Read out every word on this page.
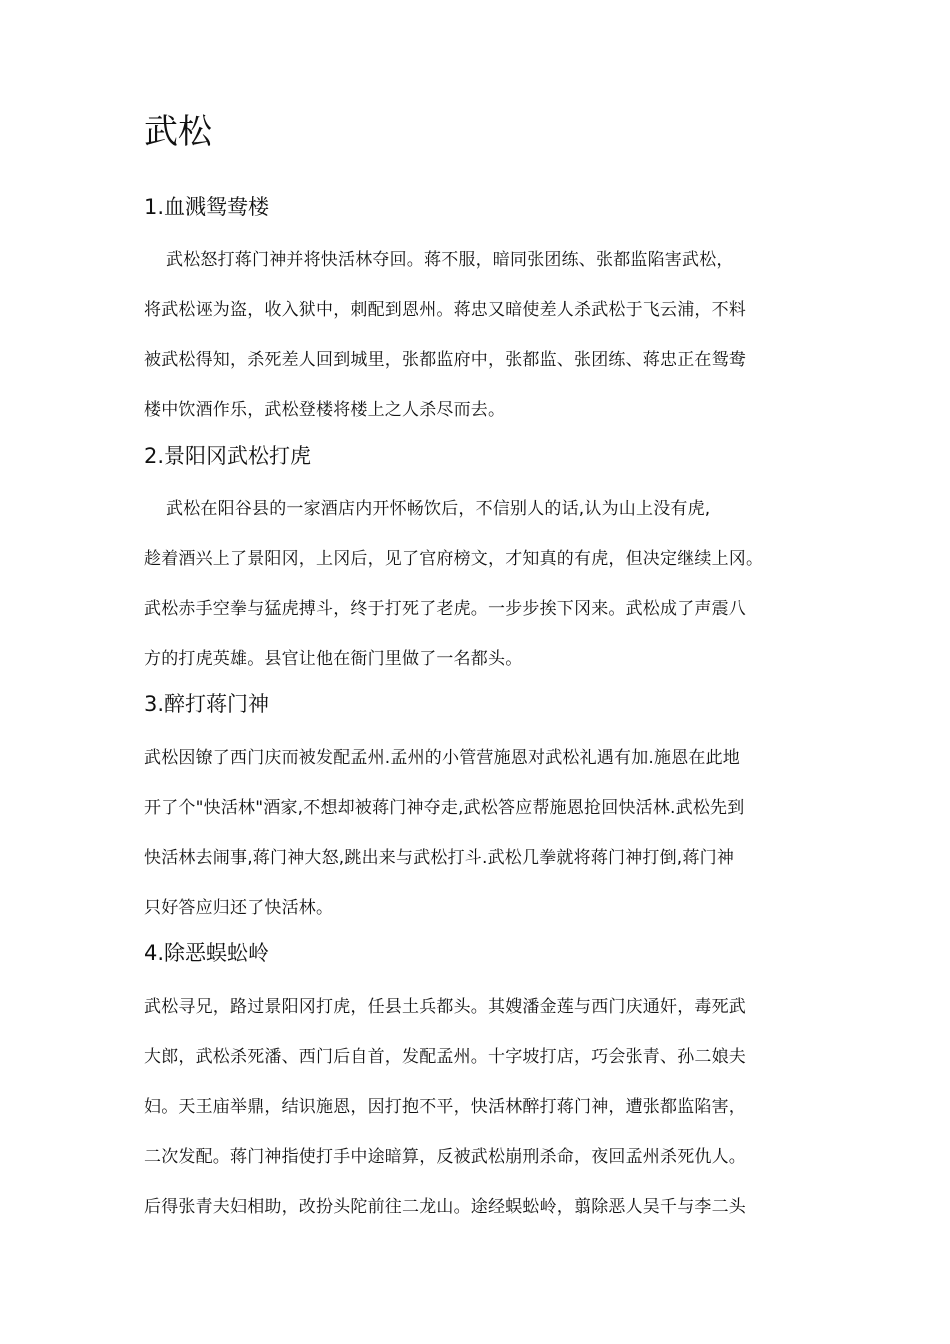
武松
1.血溅鸳鸯楼
武松怒打蒋门神并将快活林夺回。蒋不服，暗同张团练、张都监陷害武松，
将武松诬为盗，收入狱中，刺配到恩州。蒋忠又暗使差人杀武松于飞云浦，不料
被武松得知，杀死差人回到城里，张都监府中，张都监、张团练、蒋忠正在鸳鸯
楼中饮酒作乐，武松登楼将楼上之人杀尽而去。
2.景阳冈武松打虎
武松在阳谷县的一家酒店内开怀畅饮后，不信别人的话,认为山上没有虎,
趁着酒兴上了景阳冈，上冈后，见了官府榜文，才知真的有虎，但决定继续上冈。
武松赤手空拳与猛虎搏斗，终于打死了老虎。一步步挨下冈来。武松成了声震八
方的打虎英雄。县官让他在衙门里做了一名都头。
3.醉打蒋门神
武松因镣了西门庆而被发配孟州.孟州的小管营施恩对武松礼遇有加.施恩在此地
开了个"快活林"酒家,不想却被蒋门神夺走,武松答应帮施恩抢回快活林.武松先到
快活林去闹事,蒋门神大怒,跳出来与武松打斗.武松几拳就将蒋门神打倒,蒋门神
只好答应归还了快活林。
4.除恶蜈蚣岭
武松寻兄，路过景阳冈打虎，任县土兵都头。其嫂潘金莲与西门庆通奸，毒死武
大郎，武松杀死潘、西门后自首，发配孟州。十字坡打店，巧会张青、孙二娘夫
妇。天王庙举鼎，结识施恩，因打抱不平，快活林醉打蒋门神，遭张都监陷害，
二次发配。蒋门神指使打手中途暗算，反被武松崩刑杀命，夜回孟州杀死仇人。
后得张青夫妇相助，改扮头陀前往二龙山。途经蜈蚣岭，翦除恶人吴千与李二头
